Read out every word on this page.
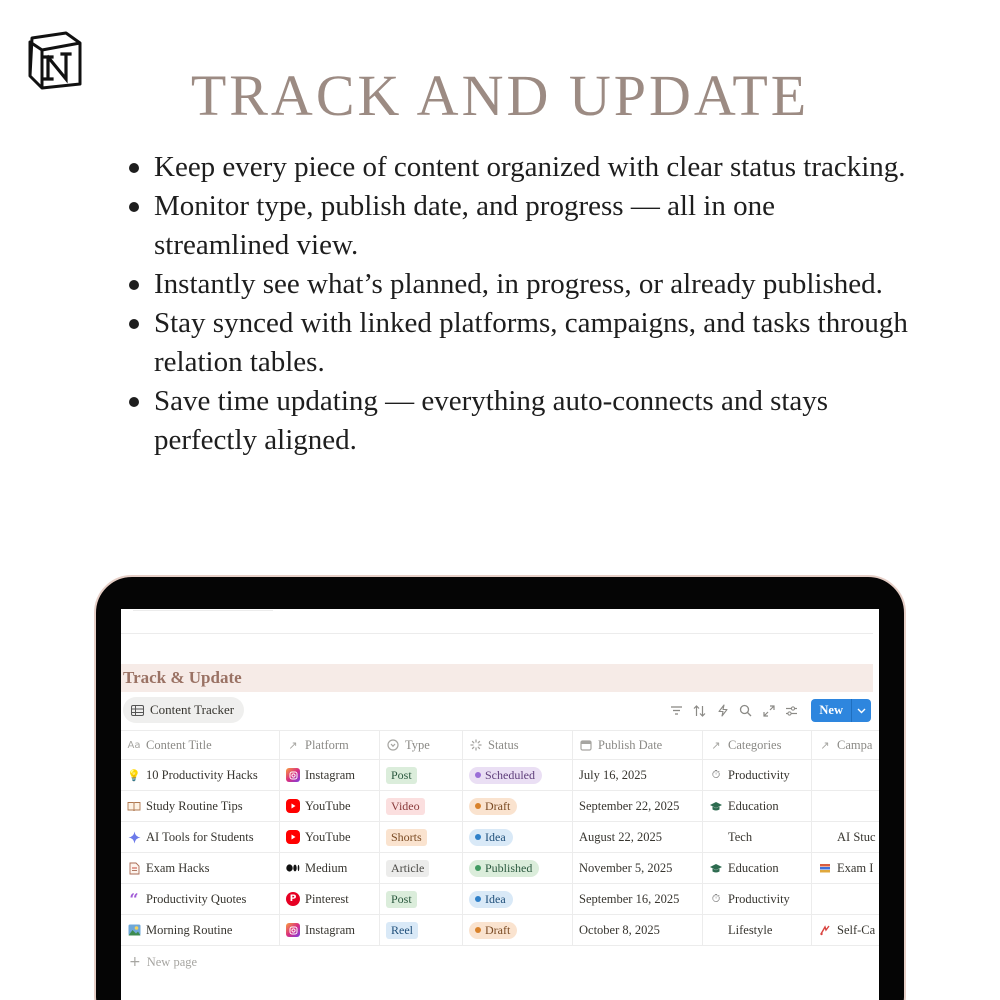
TRACK AND UPDATE
Keep every piece of content organized with clear status tracking.
Monitor type, publish date, and progress — all in one streamlined view.
Instantly see what’s planned, in progress, or already published.
Stay synced with linked platforms, campaigns, and tasks through relation tables.
Save time updating — everything auto-connects and stays perfectly aligned.
Track & Update
Content Tracker	New
Aa Content Title	↗ Platform	Type	Status	Publish Date	↗ Categories	↗ Campa
💡 10 Productivity Hacks	Instagram	Post	Scheduled	July 16, 2025	⏱ Productivity
Study Routine Tips	YouTube	Video	Draft	September 22, 2025	Education
AI Tools for Students	YouTube	Shorts	Idea	August 22, 2025	Tech	AI Stuc
Exam Hacks	Medium	Article	Published	November 5, 2025	Education	Exam I
“ Productivity Quotes	P Pinterest	Post	Idea	September 16, 2025	⏱ Productivity
Morning Routine	Instagram	Reel	Draft	October 8, 2025	Lifestyle	Self-Ca
+ New page
